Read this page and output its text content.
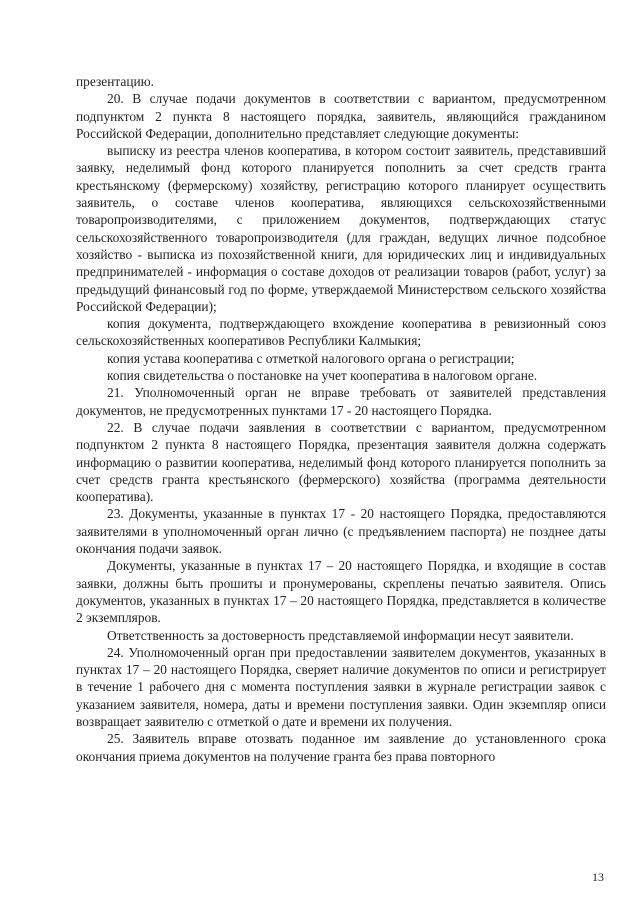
презентацию.

20. В случае подачи документов в соответствии с вариантом, предусмотренном подпунктом 2 пункта 8 настоящего порядка, заявитель, являющийся гражданином Российской Федерации, дополнительно представляет следующие документы:

выписку из реестра членов кооператива, в котором состоит заявитель, представивший заявку, неделимый фонд которого планируется пополнить за счет средств гранта крестьянскому (фермерскому) хозяйству, регистрацию которого планирует осуществить заявитель, о составе членов кооператива, являющихся сельскохозяйственными товаропроизводителями, с приложением документов, подтверждающих статус сельскохозяйственного товаропроизводителя (для граждан, ведущих личное подсобное хозяйство - выписка из похозяйственной книги, для юридических лиц и индивидуальных предпринимателей - информация о составе доходов от реализации товаров (работ, услуг) за предыдущий финансовый год по форме, утверждаемой Министерством сельского хозяйства Российской Федерации);

копия документа, подтверждающего вхождение кооператива в ревизионный союз сельскохозяйственных кооперативов Республики Калмыкия;

копия устава кооператива с отметкой налогового органа о регистрации;

копия свидетельства о постановке на учет кооператива в налоговом органе.

21. Уполномоченный орган не вправе требовать от заявителей представления документов, не предусмотренных пунктами 17 - 20 настоящего Порядка.

22. В случае подачи заявления в соответствии с вариантом, предусмотренном подпунктом 2 пункта 8 настоящего Порядка, презентация заявителя должна содержать информацию о развитии кооператива, неделимый фонд которого планируется пополнить за счет средств гранта крестьянского (фермерского) хозяйства (программа деятельности кооператива).

23. Документы, указанные в пунктах 17 - 20 настоящего Порядка, предоставляются заявителями в уполномоченный орган лично (с предъявлением паспорта) не позднее даты окончания подачи заявок.

Документы, указанные в пунктах 17 – 20 настоящего Порядка, и входящие в состав заявки, должны быть прошиты и пронумерованы, скреплены печатью заявителя. Опись документов, указанных в пунктах 17 – 20 настоящего Порядка, представляется в количестве 2 экземпляров.

Ответственность за достоверность представляемой информации несут заявители.

24. Уполномоченный орган при предоставлении заявителем документов, указанных в пунктах 17 – 20 настоящего Порядка, сверяет наличие документов по описи и регистрирует в течение 1 рабочего дня с момента поступления заявки в журнале регистрации заявок с указанием заявителя, номера, даты и времени поступления заявки. Один экземпляр описи возвращает заявителю с отметкой о дате и времени их получения.

25. Заявитель вправе отозвать поданное им заявление до установленного срока окончания приема документов на получение гранта без права повторного

13
